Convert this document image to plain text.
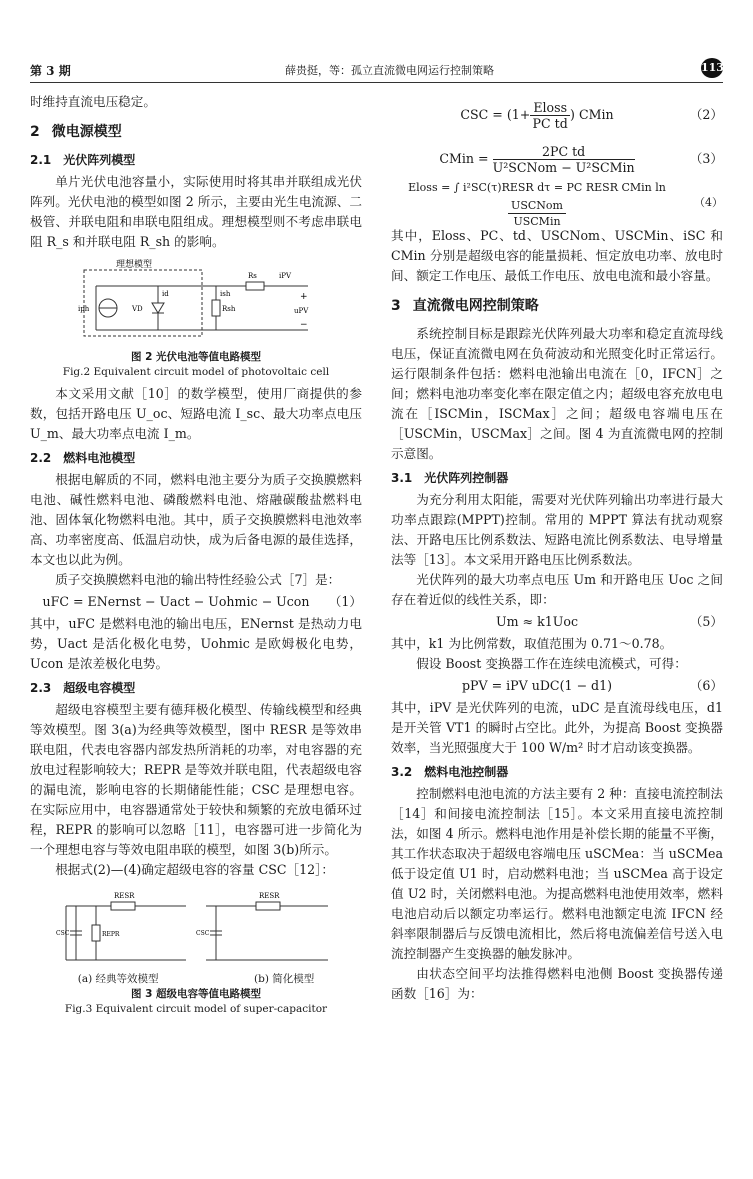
第 3 期	薛贵挺，等：孤立直流微电网运行控制策略	113

时维持直流电压稳定。

2 微电源模型
2.1 光伏阵列模型

单片光伏电池容量小，实际使用时将其串并联组成光伏阵列。光伏电池的模型如图 2 所示，主要由光生电流源、二极管、并联电阻和串联电阻组成。理想模型则不考虑串联电阻 R_s 和并联电阻 R_sh 的影响。

理想模型
iph	VD
id
Rsh
ish
Rs	iPV
+
−
uPV
图 2 光伏电池等值电路模型
Fig.2 Equivalent circuit model of photovoltaic cell

本文采用文献［10］的数学模型，使用厂商提供的参数，包括开路电压 U_oc、短路电流 I_sc、最大功率点电压 U_m、最大功率点电流 I_m。

2.2 燃料电池模型

根据电解质的不同，燃料电池主要分为质子交换膜燃料电池、碱性燃料电池、磷酸燃料电池、熔融碳酸盐燃料电池、固体氧化物燃料电池。其中，质子交换膜燃料电池效率高、功率密度高、低温启动快，成为后备电源的最佳选择，本文也以此为例。

质子交换膜燃料电池的输出特性经验公式［7］是：

uFC = ENernst − Uact − Uohmic − Ucon	（1）

其中，uFC 是燃料电池的输出电压，ENernst 是热动力电势，Uact 是活化极化电势，Uohmic 是欧姆极化电势，Ucon 是浓差极化电势。

2.3 超级电容模型

超级电容模型主要有德拜极化模型、传输线模型和经典等效模型。图 3(a)为经典等效模型，图中 RESR 是等效串联电阻，代表电容器内部发热所消耗的功率，对电容器的充放电过程影响较大；REPR 是等效并联电阻，代表超级电容的漏电流，影响电容的长期储能性能；CSC 是理想电容。在实际应用中，电容器通常处于较快和频繁的充放电循环过程，REPR 的影响可以忽略［11］，电容器可进一步简化为一个理想电容与等效电阻串联的模型，如图 3(b)所示。

根据式(2)—(4)确定超级电容的容量 CSC［12］：

RESR
CSC	REPR
RESR
CSC
(a) 经典等效模型	(b) 简化模型
图 3 超级电容等值电路模型
Fig.3 Equivalent circuit model of super-capacitor
CSC = ($1+ \frac{\text{Eloss}}{\text{PC td}}$ ) CMin	（2）
CMin = $\frac{\text{2PC td}}{\text{U²SCNom − U²SCMin}}$	（3）
Eloss = ∫ i²SC(τ)RESR dτ = PC RESR CMin ln
$\frac{\text{USCNom}}{\text{USCMin}}$	（4）

其中，Eloss、PC、td、USCNom、USCMin、iSC 和 CMin 分别是超级电容的能量损耗、恒定放电功率、放电时间、额定工作电压、最低工作电压、放电电流和最小容量。

3 直流微电网控制策略

系统控制目标是跟踪光伏阵列最大功率和稳定直流母线电压，保证直流微电网在负荷波动和光照变化时正常运行。运行限制条件包括：燃料电池输出电流在［0，IFCN］之间；燃料电池功率变化率在限定值之内；超级电容充放电电流在［ISCMin，ISCMax］之间；超级电容端电压在［USCMin，USCMax］之间。图 4 为直流微电网的控制示意图。

3.1 光伏阵列控制器

为充分利用太阳能，需要对光伏阵列输出功率进行最大功率点跟踪(MPPT)控制。常用的 MPPT 算法有扰动观察法、开路电压比例系数法、短路电流比例系数法、电导增量法等［13］。本文采用开路电压比例系数法。

光伏阵列的最大功率点电压 Um 和开路电压 Uoc 之间存在着近似的线性关系，即：

Um ≈ k1Uoc	（5）

其中，k1 为比例常数，取值范围为 0.71～0.78。

假设 Boost 变换器工作在连续电流模式，可得：

pPV = iPV uDC(1 − d1)	（6）

其中，iPV 是光伏阵列的电流，uDC 是直流母线电压，d1 是开关管 VT1 的瞬时占空比。此外，为提高 Boost 变换器效率，当光照强度大于 100 W/m² 时才启动该变换器。

3.2 燃料电池控制器

控制燃料电池电流的方法主要有 2 种：直接电流控制法［14］和间接电流控制法［15］。本文采用直接电流控制法，如图 4 所示。燃料电池作用是补偿长期的能量不平衡，其工作状态取决于超级电容端电压 uSCMea：当 uSCMea 低于设定值 U1 时，启动燃料电池；当 uSCMea 高于设定值 U2 时，关闭燃料电池。为提高燃料电池使用效率，燃料电池启动后以额定功率运行。燃料电池额定电流 IFCN 经斜率限制器后与反馈电流相比，然后将电流偏差信号送入电流控制器产生变换器的触发脉冲。

由状态空间平均法推得燃料电池侧 Boost 变换器传递函数［16］为：
